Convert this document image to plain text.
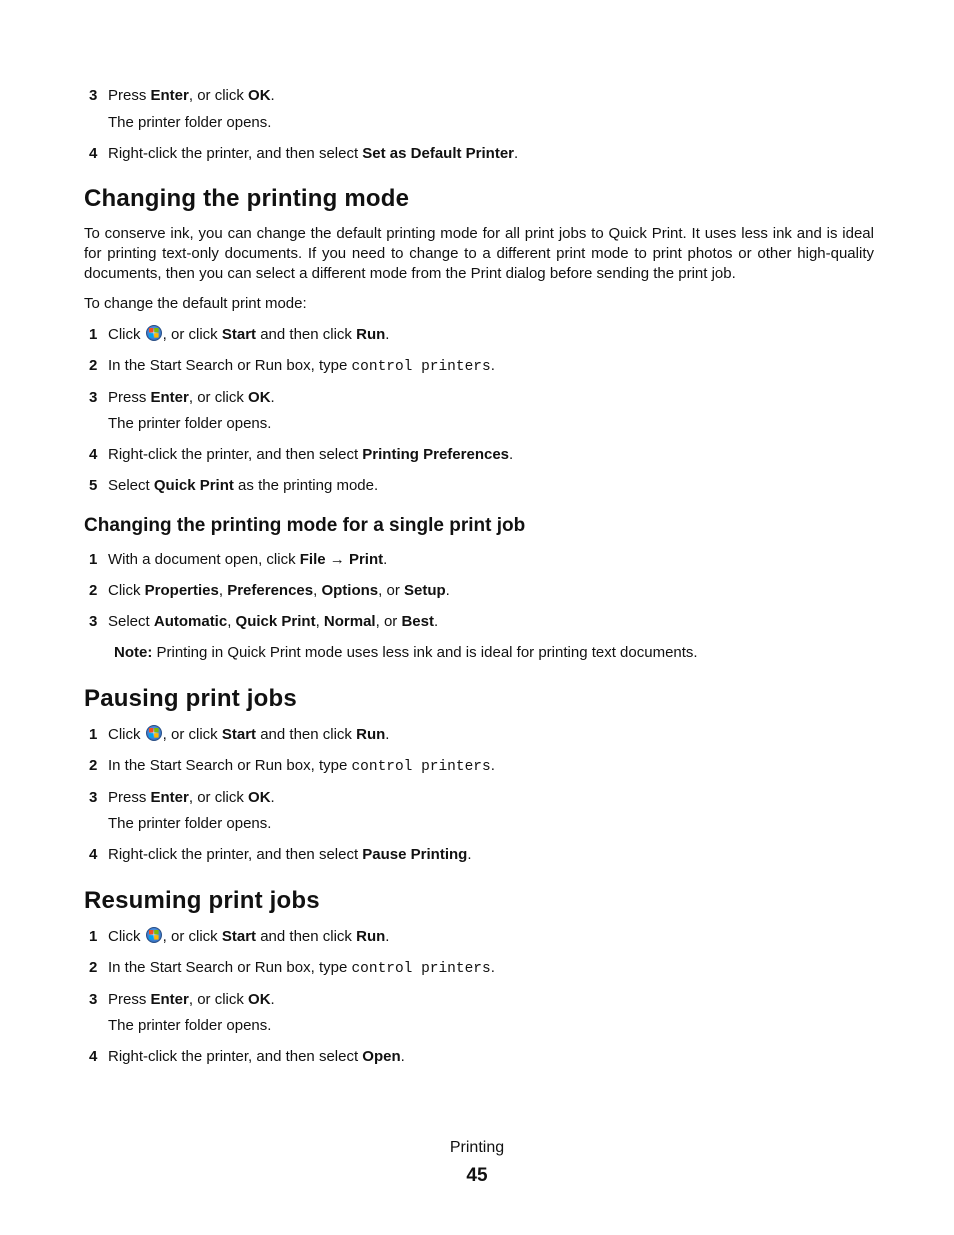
3 Press Enter, or click OK.
The printer folder opens.
4 Right-click the printer, and then select Set as Default Printer.
Changing the printing mode

To conserve ink, you can change the default printing mode for all print jobs to Quick Print. It uses less ink and is ideal for printing text-only documents. If you need to change to a different print mode to print photos or other high-quality documents, then you can select a different mode from the Print dialog before sending the print job.

To change the default print mode:

1 Click
, or click Start and then click Run.
2 In the Start Search or Run box, type control printers.
3 Press Enter, or click OK.
The printer folder opens.
4 Right-click the printer, and then select Printing Preferences.
5 Select Quick Print as the printing mode.
Changing the printing mode for a single print job
1 With a document open, click File → Print.
2 Click Properties, Preferences, Options, or Setup.
3 Select Automatic, Quick Print, Normal, or Best.
Note: Printing in Quick Print mode uses less ink and is ideal for printing text documents.
Pausing print jobs
1 Click
, or click Start and then click Run.
2 In the Start Search or Run box, type control printers.
3 Press Enter, or click OK.
The printer folder opens.
4 Right-click the printer, and then select Pause Printing.
Resuming print jobs
1 Click
, or click Start and then click Run.
2 In the Start Search or Run box, type control printers.
3 Press Enter, or click OK.
The printer folder opens.
4 Right-click the printer, and then select Open.
Printing
45
